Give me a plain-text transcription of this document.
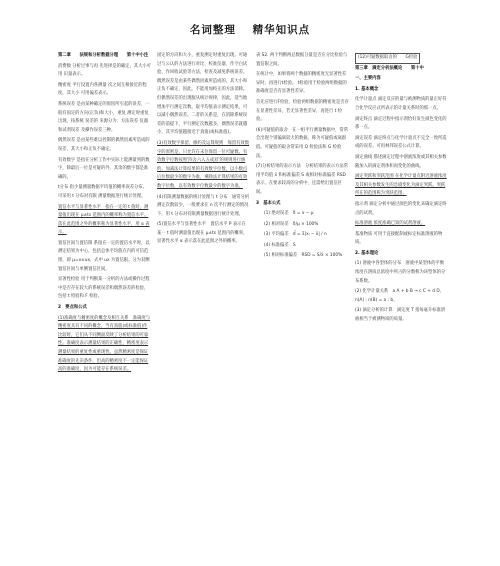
名词整理 精华知识点

第二章　　法规和分析数据分理　　第十中小注

消费数 分析过事与再 先进择是的确定，其大小可用 识量表示。

精密度 平行设置内各测量 次之间互相接近的程度，其大小 可用偏差表示。

系统误差 是由某种确定的原因所引起的误差，一般有固定的方向(正负)和大小，重复 测定时重复出现。按系统 误差的 来源分为：方法误差 仪器 和试剂误差 及操作误差三种。

偶然误差 是由某些难以控制的偶然因素所造成的误差，其大小和正负不确定。

有效数字 是指在分析工作中实际上能测量到的数字，除最后一位是可疑的外，其余的数字都是准确的。

t分布 指少量测量数据平均值的概率误差分布。可采用 t 分布对有限 测量数据进行统计处理。

置信水平与显著性水平　指在一定的 t 值时，测量值出现在 μ±ts 范围内的概率称为置信水平。落在此范围之外的概率称为显著性水平，用 α 表示。

置信区间与置信限 系指在一定的置信水平时，以测定结果为中心，包括总体平均值在内的可信范围，即 μ=x±ux，式中 ux 为置信限。分为双侧置信区间与单侧置信区间。

显著性检验 用于判断某一分析的方法或操作过程中是否存在较大的系统误差和偶然误差的检验，包括 t 检验和 F 检验。

2　要点和公式

(1)准确度与精密度的概念及相互关系　准确度与精密度具有不同的概念，当有真值(或标准值)作比较时，它们从不同侧面反映了分析结果的可靠性。准确度表示测量结果的正确性，精密度表示测量结果的重复性或重现性。虽然精密度是保证准确度的先决条件，但高的精密度不一定能保证高的准确度，因为可能存在系统误差。

固定的方向和大小，重复测定时重复出现。可通过与公认的方法进行对比、校准仪器、作空白试验、作回收试验等方法，检查及减免系统误差。偶然误差是由某些偶然因素所造成的，其大小和正负不确定，因此，不能用加校正的方法消除。但偶然误差的出现服从统计规律，因此，适当地增加平行测定次数，取平均值表示测定结果，可以减小偶然误差。二者的关系是，在消除系统误差的前提下，平行测定次数越多，偶然误差就越小，其平均值越接近于真值(或标准值)。

(3)有效数字保留、修约及运算规则　保留有效数字的原则是，只允许在末位保留一位可疑数。有效数字位数按照'四舍六入五成双'的规则进行修约。加减法计算结果的有效数字位数，以小数点后位数最少的数字为准，乘除法计算结果的有效数字位数，以有效数字位数最少的数字为准。

(4)有限测量数据的统计处理与 t 分布　通常分析测定次数较少，一般要求在 n 次平行测定的情况下，用 t 分布对有限测量数据进行统计处理。

(5)置信水平与显著性水平　置信水平 P 表示在某一 t 值时测量值出现在 μ±ts 范围内的概率，显著性水平 α 表示落在此范围之外的概率。

表 S2. 两个判断两总数据分量是否在分比检验与置信限之间。

在统计中，如果将两个数据的精密度无显著性差异时，再进行t检验。 t检验用于检验两组数据的准确度是否有显著性差异。

首先应进行F检验，检验两组数据的精密度是否存在显著性差异，若无显著性差异，再进行 t 检验。

(6)可疑值的取舍　在一组平行测量数据中，常常会出现个别偏离较大的数据，称为可疑值或离群值。可疑值的取舍常采用 Q 检验法和 G 检验法。

(7)分析结果的表示方法　分析结果的表示方法常用平均值 x̄ 和标准偏差 S 或相对标准偏差 RSD 表示，在要求较高的分析中，还需给出置信区间。

3　基本公式

(1) 绝对误差　δ = x − μ

(2) 相对误差　δ/μ × 100%

(3) 平均偏差　d̄ = Σ|xᵢ − x̄| / n

(4) 标准偏差　S

(5) 相对标准偏差　RSD = S/x̄ × 100%

(12)可疑数据取舍的　　G检验

第三章　滴定分析法概论　　第十中

一、主要内容

1. 基本概念

化学计量点 滴定反应的量与被测物质的量正好符合化学反应式所表示的计量关系时的那一点。

滴定终点 滴定过程中指示剂恰好发生颜色变化的那一点。

滴定误差 滴定终点与化学计量点不完全一致所造成的误差。可用林邦误差公式计算。

滴定曲线 描述滴定过程中溶液浓度或其相关参数随加入的滴定剂体积而变化的曲线。

滴定突跃和突跃范围 在化学计量点附近溶液浓度及其相关参数发生的急剧变化为滴定突跃。突跃所在的范围称为突跃范围。

指示剂 滴定分析中通过颜色的变化来确定滴定终点的试剂。

标准溶液 浓度准确已知的试剂溶液。

基准物质 可用于直接配制或标定标准溶液的物质。

2. 基本理论

(1) 溶液中各型体的分布　溶液中某型体的平衡浓度在溶质总浓度中所占的分数称为该型体的分布系数。

(2) 化学计量关系　a A + b B → c C + d D，n(A) : n(B) = a : b。

(3) 滴定分析的计算　滴定度 T 指每毫升标准溶液相当于被测物质的质量。
